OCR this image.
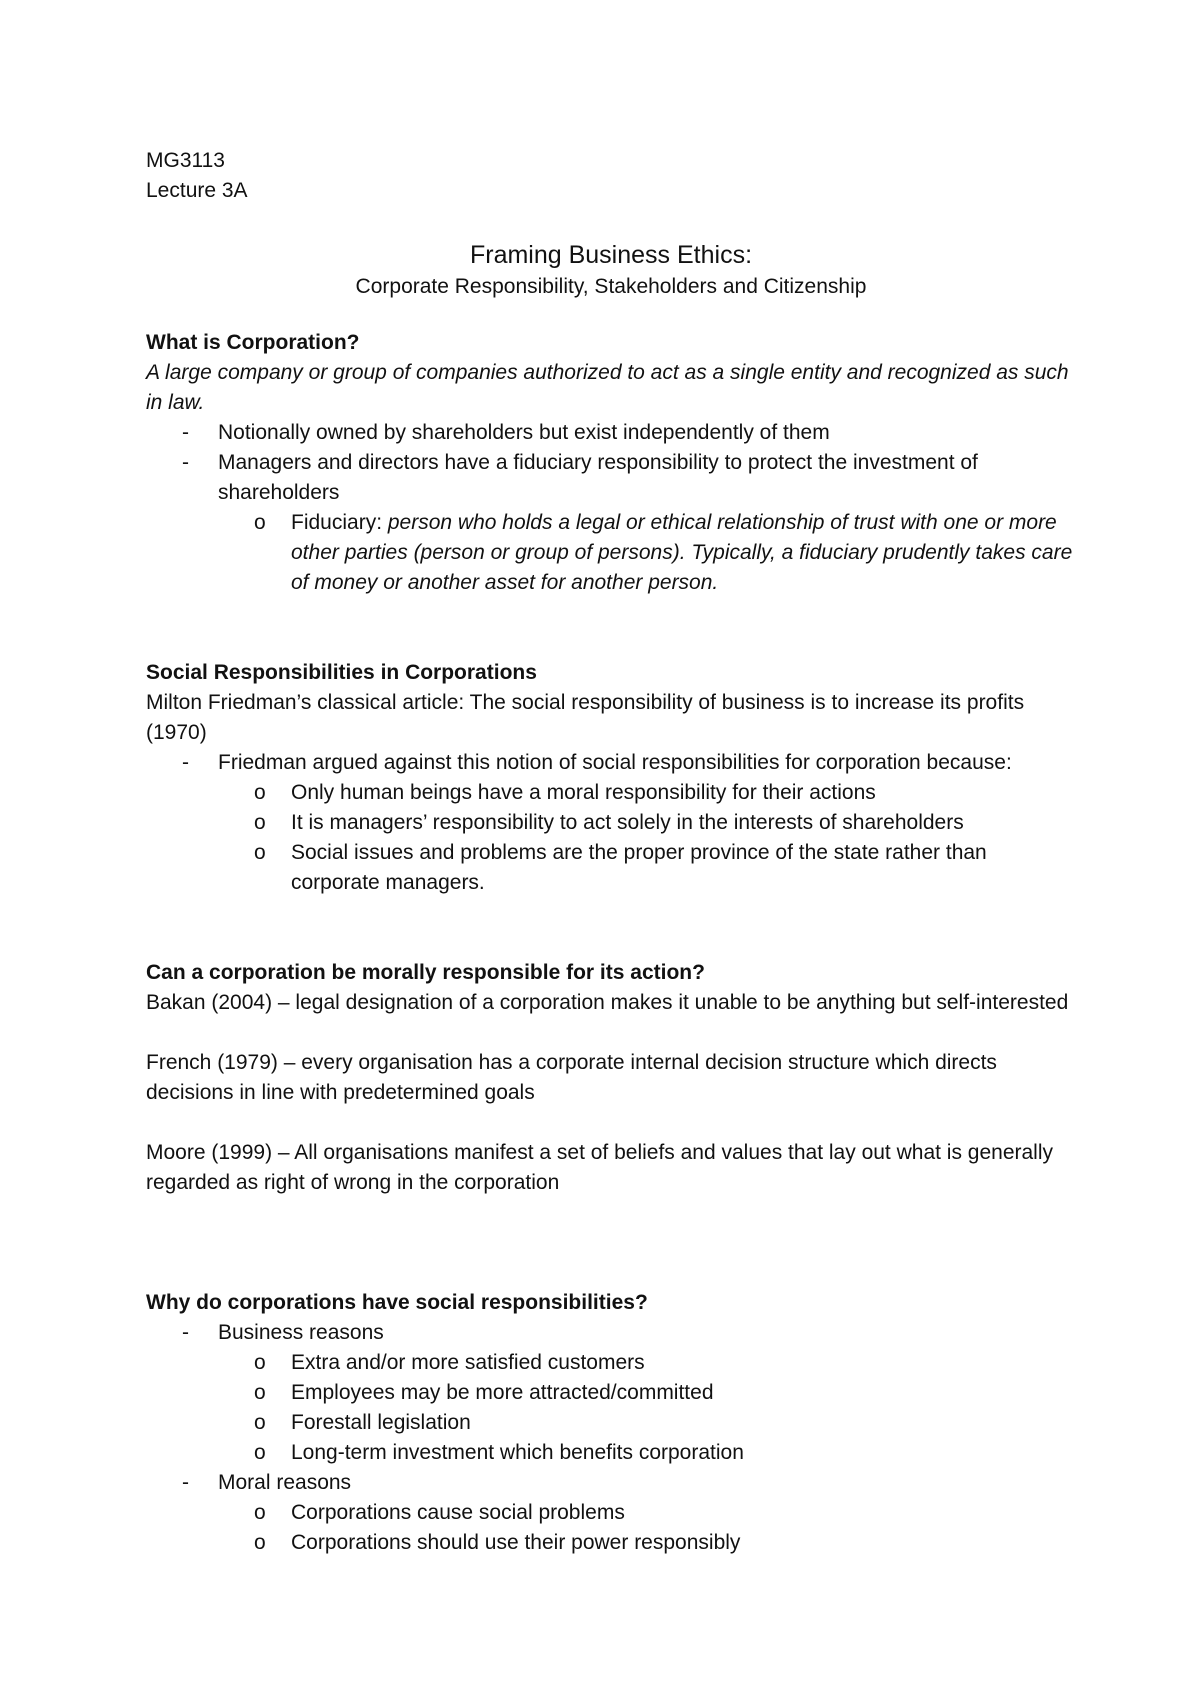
MG3113

Lecture 3A

Framing Business Ethics:

Corporate Responsibility, Stakeholders and Citizenship

What is Corporation?

A large company or group of companies authorized to act as a single entity and recognized as such in law.

- Notionally owned by shareholders but exist independently of them
- Managers and directors have a fiduciary responsibility to protect the investment of shareholders
o Fiduciary: person who holds a legal or ethical relationship of trust with one or more other parties (person or group of persons). Typically, a fiduciary prudently takes care of money or another asset for another person.

Social Responsibilities in Corporations

Milton Friedman’s classical article: The social responsibility of business is to increase its profits (1970)

- Friedman argued against this notion of social responsibilities for corporation because:
o Only human beings have a moral responsibility for their actions
o It is managers’ responsibility to act solely in the interests of shareholders
o Social issues and problems are the proper province of the state rather than corporate managers.

Can a corporation be morally responsible for its action?

Bakan (2004) – legal designation of a corporation makes it unable to be anything but self-interested

French (1979) – every organisation has a corporate internal decision structure which directs decisions in line with predetermined goals

Moore (1999) – All organisations manifest a set of beliefs and values that lay out what is generally regarded as right of wrong in the corporation

Why do corporations have social responsibilities?

- Business reasons
o Extra and/or more satisfied customers
o Employees may be more attracted/committed
o Forestall legislation
o Long-term investment which benefits corporation
- Moral reasons
o Corporations cause social problems
o Corporations should use their power responsibly
